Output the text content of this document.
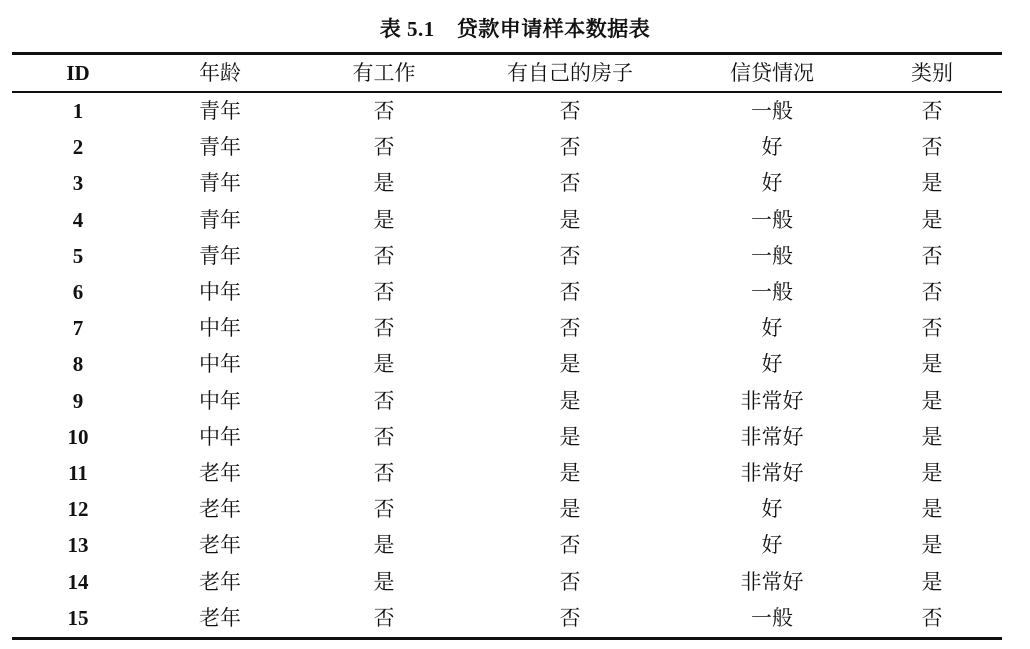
表 5.1 贷款申请样本数据表
ID	年龄	有工作	有自己的房子	信贷情况	类别
1	青年	否	否	一般	否
2	青年	否	否	好	否
3	青年	是	否	好	是
4	青年	是	是	一般	是
5	青年	否	否	一般	否
6	中年	否	否	一般	否
7	中年	否	否	好	否
8	中年	是	是	好	是
9	中年	否	是	非常好	是
10	中年	否	是	非常好	是
11	老年	否	是	非常好	是
12	老年	否	是	好	是
13	老年	是	否	好	是
14	老年	是	否	非常好	是
15	老年	否	否	一般	否
